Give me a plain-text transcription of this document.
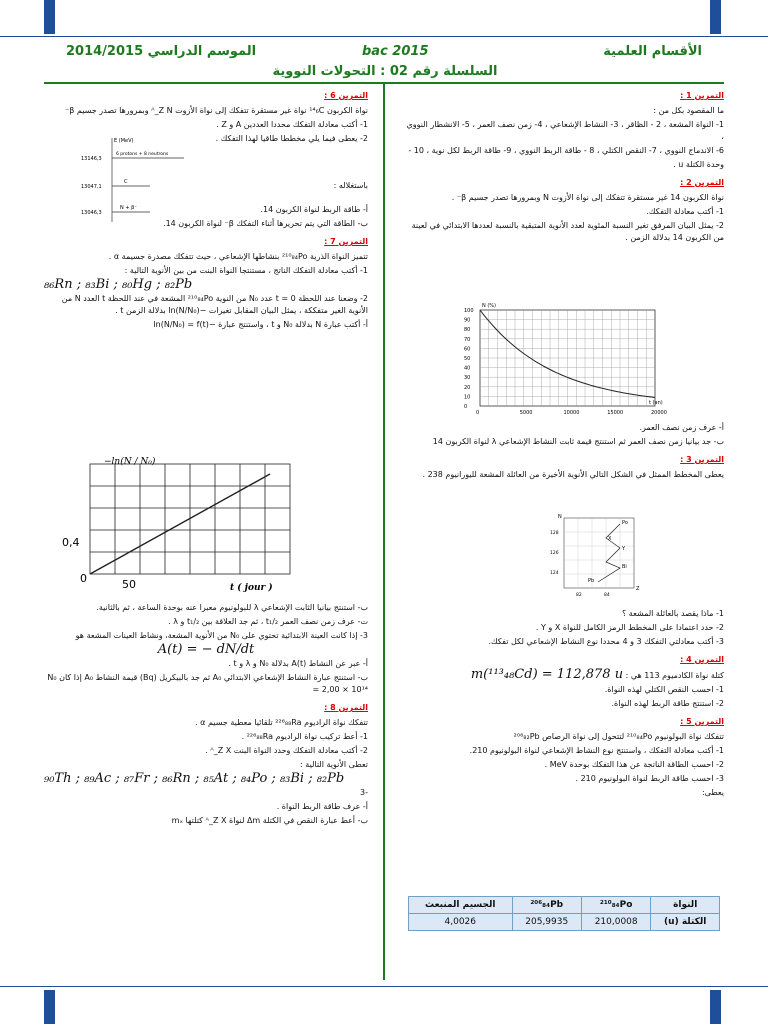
الموسم الدراسي 2014/2015	bac 2015	الأقسام العلمية
السلسلة رقم 02 : التحولات النووية
التمرين 1 :
ما المقصود بكل من :
1- النواة المشعة ، 2 - الظاقر ، 3- النشاط الإشعاعي ، 4- زمن نصف العمر ، 5- الانشطار النووي ،
6- الاندماج النووي ، 7- النقص الكتلي ، 8 - طاقة الربط النووي ، 9- طاقة الربط لكل نوية ، 10 -
وحدة الكتلة u .
التمرين 2 :
نواة الكربون 14 غير مستقرة تتفكك إلى نواة الأزوت N وبمرورها تصدر جسيم β⁻ .
1- أكتب معادلة التفكك.
2- يمثل البيان المرفق تغير النسبة المئوية لعدد الأنوية المتبقية بالنسبة لعددها الابتدائي في لعينة من الكربون 14 بدلالة الزمن .
N (%)
t (an)
100
90
80
70
60
50
40
30
20
10
0
0	5000	10000	15000	20000
أ- عرف زمن نصف العمر.
ب- جد بيانيا زمن نصف العمر ثم استنتج قيمة ثابت النشاط الإشعاعي λ لنواة الكربون 14
التمرين 3 :
يعطى المخطط الممثل في الشكل التالي الأنوية الأخيرة من العائلة المشعة لليورانيوم 238 .
Po
Pb
Y
X
Bi
N
Z
128
126
124
82	84
1- ماذا يقصد بالعائلة المشعة ؟
2- حدد اعتمادا على المخطط الرمز الكامل للنواة X و Y .
3- أكتب معادلتي التفكك 3 و 4 محددا نوع النشاط الإشعاعي لكل تفكك.
التمرين 4 :
كتلة نواة الكادميوم 113 هي : m(¹¹³₄₈Cd) = 112,878 u
1- احسب النقص الكتلي لهذه النواة.
2- استنتج طاقة الربط لهذه النواة.
التمرين 5 :
تتفكك نواة البولونيوم ²¹⁰₈₄Po لتتحول إلى نواة الرصاص ²⁰⁶₈₂Pb
1- أكتب معادلة التفكك ، واستنتج نوع النشاط الإشعاعي لنواة البولونيوم 210.
2- احسب الطاقة الناتجة عن هذا التفكك بوحدة MeV .
3- احسب طاقة الربط لنواة البولونيوم 210 .
يعطى:
النواة	²¹⁰₈₄Po	²⁰⁶₈₄Pb	الجسيم المنبعث
الكتلة (u)	210,0008	205,9935	4,0026
التمرين 6 :
نواة الكربون ¹⁴₆C نواة غير مستقرة تتفكك إلى نواة الأزوت ᴬ_Z N وبمرورها تصدر جسيم β⁻
1- أكتب معادلة التفكك محددا العددين A و Z .
2- يعطى فيما يلي مخططا طاقيا لهذا التفكك .
E (MeV)
13146,3
13047,1
13046,3
6 protons + 8 neutrons
C
N + β⁻
باستغلاله :
أ- طاقة الربط لنواة الكربون 14.
ب- الطاقة التي يتم تحريرها أثناء التفكك β⁻ لنواة الكربون 14.
التمرين 7 :
تتميز النواة الذرية ²¹⁰₈₄Po بنشاطها الإشعاعي ، حيث تتفكك مصدرة جسيمة α .
1- أكتب معادلة التفكك الناتج ، مستنتجا النواة البنت من بين الأنوية التالية :
₈₆Rn ; ₈₃Bi ; ₈₀Hg ; ₈₂Pb
2- وضعنا عند اللحظة t = 0 عدد N₀ من النوية ²¹⁰₈₄Po المشعة في عند اللحظة t العدد N من الأنوية الغير متفككة ، يمثل البيان المقابل تغيرات −ln(N/N₀) بدلالة الزمن t .
أ- أكتب عبارة N بدلالة N₀ و t ، واستنتج عبارة −ln(N/N₀) = f(t)
−ln(N / N₀)
t ( jour )
0,4
50
0
ب- استنتج بيانيا الثابت الإشعاعي λ للبولونيوم معبرا عنه بوحدة الساعة ، ثم بالثانية.
ت- عرف زمن نصف العمر t₁/₂ ، ثم جد العلاقة بين t₁/₂ و λ .
3- إذا كانت العينة الابتدائية تحتوي على N₀ من الأنوية المشعة، ونشاط العينات المشعة هو
A(t) = − dN/dt
أ- عبر عن النشاط A(t) بدلالة N₀ و λ و t .
ب- استنتج عبارة النشاط الإشعاعي الابتدائي A₀ ثم جد بالبيكريل (Bq) قيمة النشاط A₀ إذا كان N₀ = 2,00 × 10¹⁴
التمرين 8 :
تتفكك نواة الراديوم ²²⁶₈₈Ra تلقائيا معطية جسيم α .
1- أعط تركيب نواة الراديوم ²²⁶₈₈Ra .
2- أكتب معادلة التفكك وحدد النواة البنت ᴬ_Z X .
تعطى الأنوية التالية :
₉₀Th ; ₈₉Ac ; ₈₇Fr ; ₈₆Rn ; ₈₅At ; ₈₄Po ; ₈₃Bi ; ₈₂Pb
-3
أ- عرف طاقة الربط النواة .
ب- أعط عبارة النقص في الكتلة Δm لنواة ᴬ_Z X كتلتها mₓ
